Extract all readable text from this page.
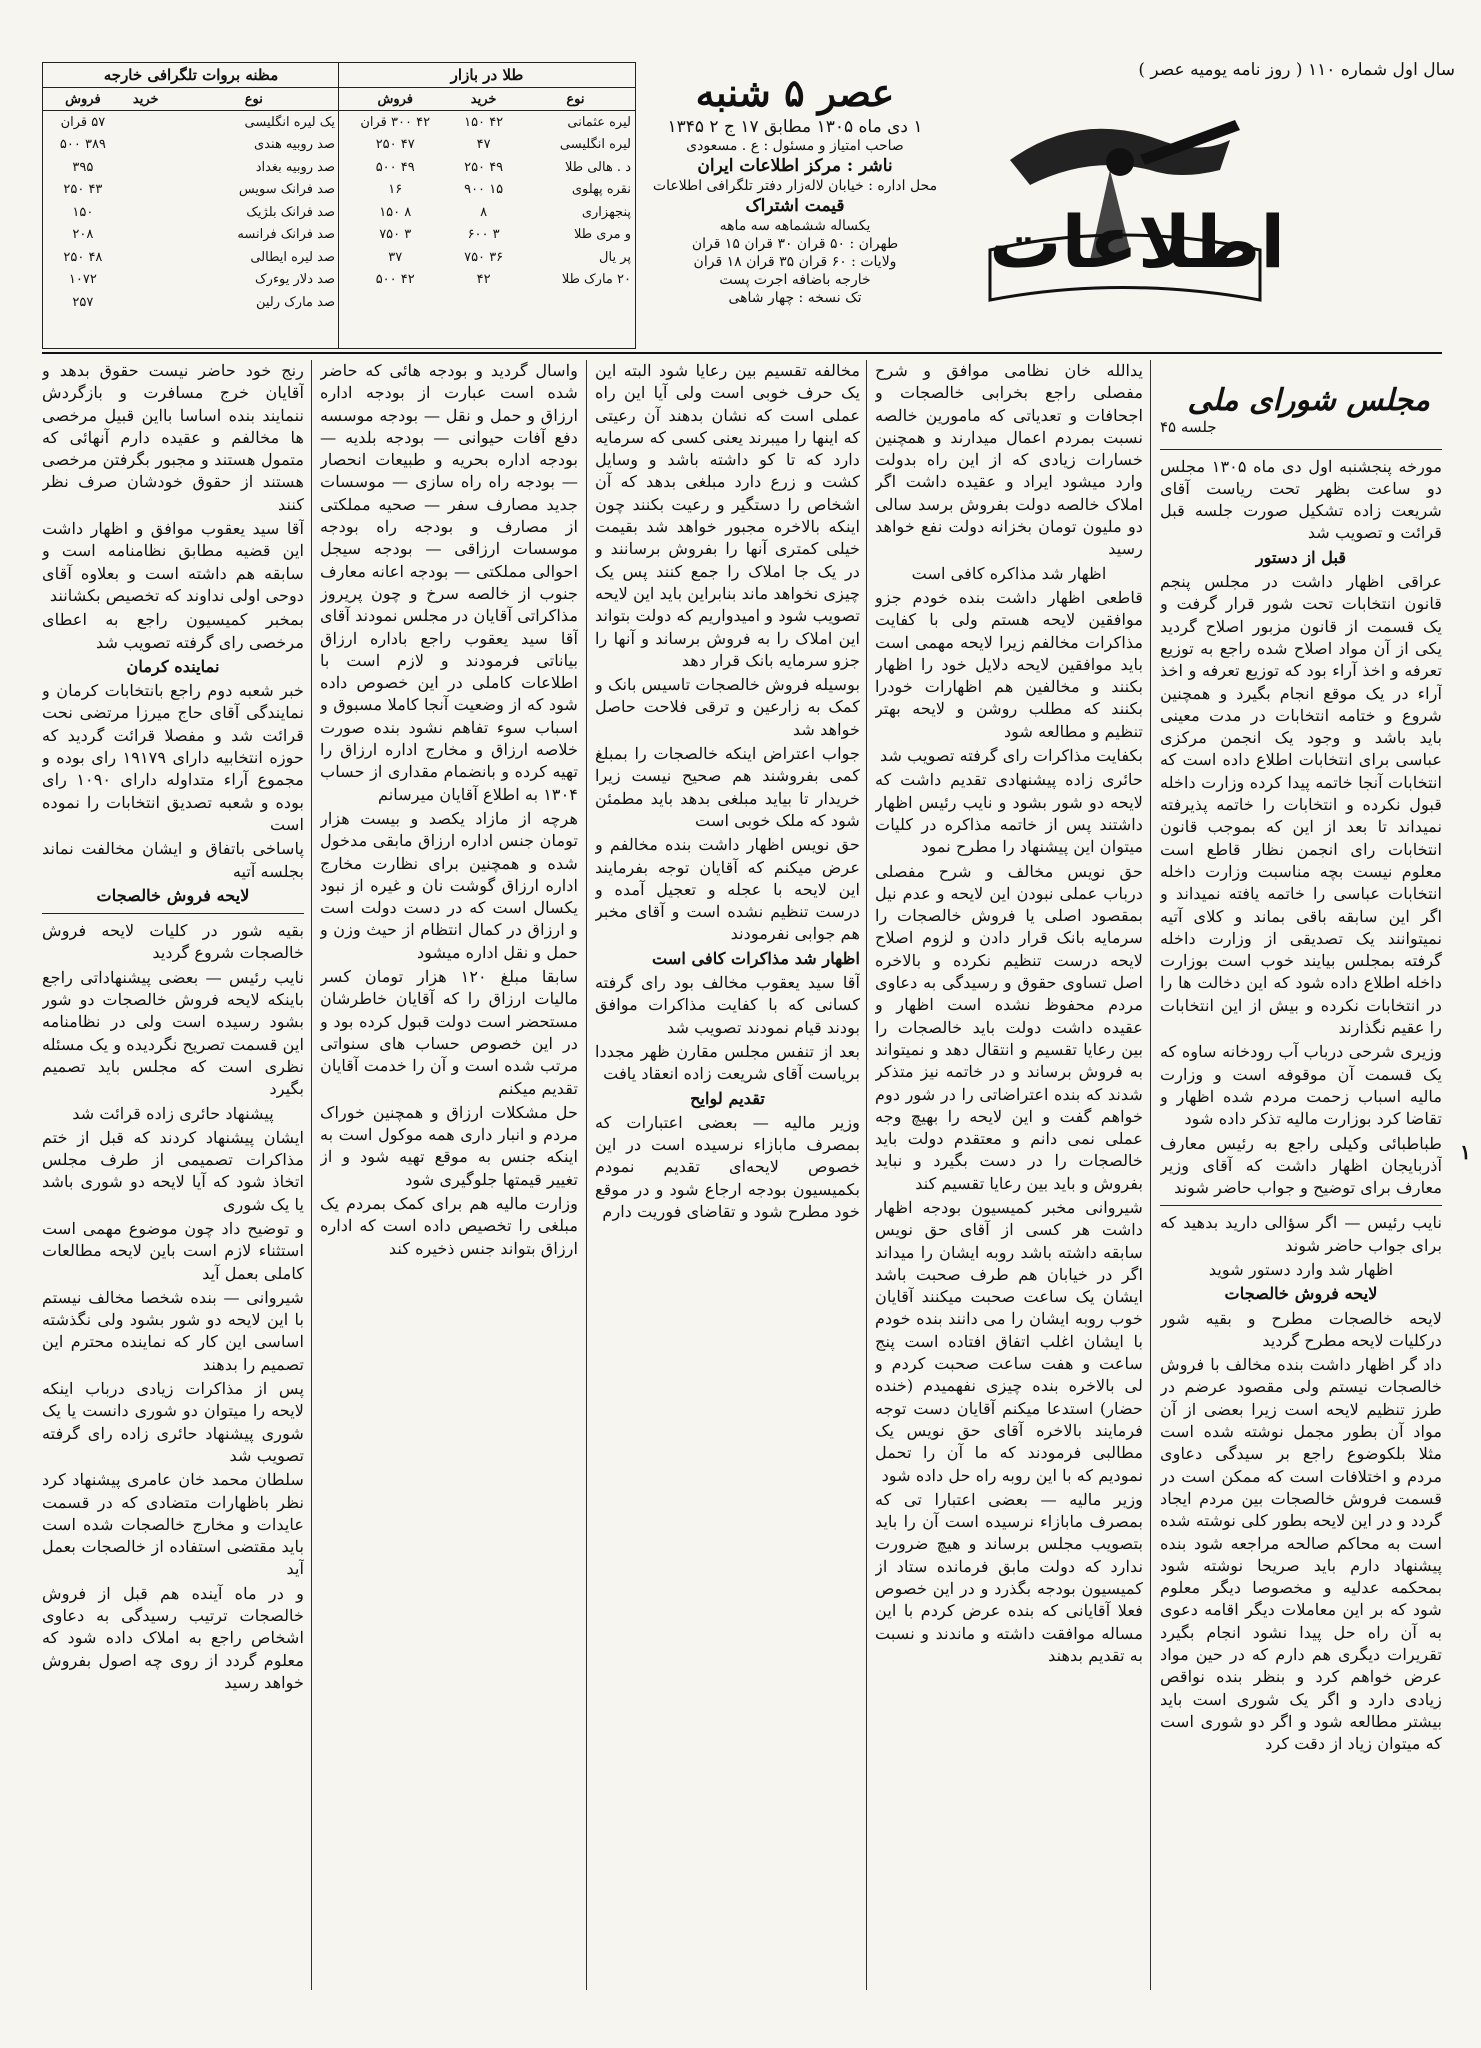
سال اول شماره ۱۱۰ ( روز نامه یومیه عصر )
اطلاعات
۱
عصر ۵ شنبه
۱ دی ماه ۱۳۰۵ مطابق ۱۷ ج ۲ ۱۳۴۵
صاحب امتیاز و مسئول : ع . مسعودی
ناشر : مرکز اطلاعات ایران
محل اداره : خیابان لاله‌زار دفتر تلگرافی اطلاعات
قیمت اشتراک
یکساله ششماهه سه ماهه
طهران : ۵۰ قران ۳۰ قران ۱۵ قران
ولایات : ۶۰ قران ۳۵ قران ۱۸ قران
خارجه باضافه اجرت پست
تک نسخه : چهار شاهی
طلا در بازار
نوع	خرید	فروش
لیره عثمانی	۴۲ ۱۵۰	۴۲ ۳۰۰ قران
لیره انگلیسی	۴۷	۴۷ ۲۵۰
د . هالی طلا	۴۹ ۲۵۰	۴۹ ۵۰۰
نقره پهلوی	۱۵ ۹۰۰	۱۶
پنجهزاری	۸	۸ ۱۵۰
و مری طلا	۳ ۶۰۰	۳ ۷۵۰
پر یال	۳۶ ۷۵۰	۳۷
۲۰ مارک طلا	۴۲	۴۲ ۵۰۰
مظنه بروات تلگرافی خارجه
نوع	خرید	فروش
یک لیره انگلیسی		۵۷ قران
صد روبیه هندی		۳۸۹ ۵۰۰
صد روبیه بغداد		۳۹۵
صد فرانک سویس		۴۳ ۲۵۰
صد فرانک بلژیک		۱۵۰
صد فرانک فرانسه		۲۰۸
صد لیره ایطالی		۴۸ ۲۵۰
صد دلار یوءرک		۱۰۷۲
صد مارک رلین		۲۵۷
مجلس شورای ملی
جلسه ۴۵

مورخه پنجشنبه اول دی ماه ۱۳۰۵ مجلس دو ساعت بظهر تحت ریاست آقای شریعت زاده تشکیل صورت جلسه قبل قرائت و تصویب شد

قبل از دستور

عراقی اظهار داشت در مجلس پنجم قانون انتخابات تحت شور قرار گرفت و یک قسمت از قانون مزبور اصلاح گردید یکی از آن مواد اصلاح شده راجع به توزیع تعرفه و اخذ آراء بود که توزیع تعرفه و اخذ آراء در یک موقع انجام بگیرد و همچنین شروع و ختامه انتخابات در مدت معینی باید باشد و وجود یک انجمن مرکزی عباسی برای انتخابات اطلاع داده است که انتخابات آنجا خاتمه پیدا کرده وزارت داخله قبول نکرده و انتخابات را خاتمه پذیرفته نمیداند تا بعد از این که بموجب قانون انتخابات رای انجمن نظار قاطع است معلوم نیست بچه مناسبت وزارت داخله انتخابات عباسی را خاتمه یافته نمیداند و اگر این سابقه باقی بماند و کلای آتیه نمیتوانند یک تصدیقی از وزارت داخله گرفته بمجلس بیایند خوب است بوزارت داخله اطلاع داده شود که این دخالت ها را در انتخابات نکرده و بیش از این انتخابات را عقیم نگذارند

وزیری شرحی درباب آب رودخانه ساوه که یک قسمت آن موقوفه است و وزارت مالیه اسباب زحمت مردم شده اظهار و تقاضا کرد بوزارت مالیه تذکر داده شود

طباطبائی وکیلی راجع به رئیس معارف آذربایجان اظهار داشت که آقای وزیر معارف برای توضیح و جواب حاضر شوند

نایب رئیس — اگر سؤالی دارید بدهید که برای جواب حاضر شوند

اظهار شد وارد دستور شوید

لایحه فروش خالصجات

لایحه خالصجات مطرح و بقیه شور درکلیات لایحه مطرح گردید

داد گر اظهار داشت بنده مخالف با فروش خالصجات نیستم ولی مقصود عرضم در طرز تنظیم لایحه است زیرا بعضی از آن مواد آن بطور مجمل نوشته شده است مثلا بلکوضوع راجع بر سیدگی دعاوی مردم و اختلافات است که ممکن است در قسمت فروش خالصجات بین مردم ایجاد گردد و در این لایحه بطور کلی نوشته شده است به محاکم صالحه مراجعه شود بنده پیشنهاد دارم باید صریحا نوشته شود بمحکمه عدلیه و مخصوصا دیگر معلوم شود که بر این معاملات دیگر اقامه دعوی به آن راه حل پیدا نشود انجام بگیرد تقریرات دیگری هم دارم که در حین مواد عرض خواهم کرد و بنظر بنده نواقص زیادی دارد و اگر یک شوری است باید بیشتر مطالعه شود و اگر دو شوری است که میتوان زیاد از دقت کرد

یدالله خان نظامی موافق و شرح مفصلی راجع بخرابی خالصجات و اجحافات و تعدیاتی که مامورین خالصه نسبت بمردم اعمال میدارند و همچنین خسارات زیادی که از این راه بدولت وارد میشود ایراد و عقیده داشت اگر املاک خالصه دولت بفروش برسد سالی دو ملیون تومان بخزانه دولت نفع خواهد رسید

اظهار شد مذاکره کافی است

قاطعی اظهار داشت بنده خودم جزو موافقین لایحه هستم ولی با کفایت مذاکرات مخالفم زیرا لایحه مهمی است باید موافقین لایحه دلایل خود را اظهار بکنند و مخالفین هم اظهارات خودرا بکنند که مطلب روشن و لایحه بهتر تنظیم و مطالعه شود

بکفایت مذاکرات رای گرفته تصویب شد

حائری زاده پیشنهادی تقدیم داشت که لایحه دو شور بشود و نایب رئیس اظهار داشتند پس از خاتمه مذاکره در کلیات میتوان این پیشنهاد را مطرح نمود

حق نویس مخالف و شرح مفصلی درباب عملی نبودن این لایحه و عدم نیل بمقصود اصلی یا فروش خالصجات را سرمایه بانک قرار دادن و لزوم اصلاح لایحه درست تنظیم نکرده و بالاخره اصل تساوی حقوق و رسیدگی به دعاوی مردم محفوظ نشده است اظهار و عقیده داشت دولت باید خالصجات را بین رعایا تقسیم و انتقال دهد و نمیتواند به فروش برساند و در خاتمه نیز متذکر شدند که بنده اعتراضاتی را در شور دوم خواهم گفت و این لایحه را بهیچ وجه عملی نمی دانم و معتقدم دولت باید خالصجات را در دست بگیرد و نباید بفروش و باید بین رعایا تقسیم کند

شیروانی مخبر کمیسیون بودجه اظهار داشت هر کسی از آقای حق نویس سابقه داشته باشد روبه ایشان را میداند اگر در خیابان هم طرف صحبت باشد ایشان یک ساعت صحبت میکنند آقایان خوب روبه ایشان را می دانند بنده خودم با ایشان اغلب اتفاق افتاده است پنج ساعت و هفت ساعت صحبت کردم و لی بالاخره بنده چیزی نفهمیدم (خنده حضار) استدعا میکنم آقایان دست توجه فرمایند بالاخره آقای حق نویس یک مطالبی فرمودند که ما آن را تحمل نمودیم که با این روبه راه حل داده شود

وزیر مالیه — بعضی اعتبارا تی که بمصرف مابازاء نرسیده است آن را باید بتصویب مجلس برساند و هیچ ضرورت ندارد که دولت مابق فرمانده ستاد از کمیسیون بودجه بگذرد و در این خصوص فعلا آقایانی که بنده عرض کردم با این مساله موافقت داشته و ماندند و نسبت به تقدیم بدهند

مخالفه تقسیم بین رعایا شود البته این یک حرف خوبی است ولی آیا این راه عملی است که نشان بدهند آن رعیتی که اینها را میبرند یعنی کسی که سرمایه دارد که تا کو داشته باشد و وسایل کشت و زرع دارد مبلغی بدهد که آن اشخاص را دستگیر و رعیت بکنند چون اینکه بالاخره مجبور خواهد شد بقیمت خیلی کمتری آنها را بفروش برسانند و در یک جا املاک را جمع کنند پس یک چیزی نخواهد ماند بنابراین باید این لایحه تصویب شود و امیدواریم که دولت بتواند این املاک را به فروش برساند و آنها را جزو سرمایه بانک قرار دهد

بوسیله فروش خالصجات تاسیس بانک و کمک به زارعین و ترقی فلاحت حاصل خواهد شد

جواب اعتراض اینکه خالصجات را بمبلغ کمی بفروشند هم صحیح نیست زیرا خریدار تا بیاید مبلغی بدهد باید مطمئن شود که ملک خوبی است

حق نویس اظهار داشت بنده مخالفم و عرض میکنم که آقایان توجه بفرمایند این لایحه با عجله و تعجیل آمده و درست تنظیم نشده است و آقای مخبر هم جوابی نفرمودند

اظهار شد مذاکرات کافی است

آقا سید یعقوب مخالف بود رای گرفته کسانی که با کفایت مذاکرات موافق بودند قیام نمودند تصویب شد

بعد از تنفس مجلس مقارن ظهر مجددا بریاست آقای شریعت زاده انعقاد یافت

تقدیم لوایح

وزیر مالیه — بعضی اعتبارات که بمصرف مابازاء نرسیده است در این خصوص لایحه‌ای تقدیم نمودم بکمیسیون بودجه ارجاع شود و در موقع خود مطرح شود و تقاضای فوریت دارم

واسال گردید و بودجه هائی که حاضر شده است عبارت از بودجه اداره ارزاق و حمل و نقل — بودجه موسسه دفع آفات حیوانی — بودجه بلدیه — بودجه اداره بحریه و طبیعات انحصار — بودجه راه راه سازی — موسسات جدید مصارف سفر — صحیه مملکتی از مصارف و بودجه راه بودجه موسسات ارزاقی — بودجه سیجل احوالی مملکتی — بودجه اعانه معارف جنوب از خالصه سرخ و چون پریروز مذاکراتی آقایان در مجلس نمودند آقای آقا سید یعقوب راجع باداره ارزاق بیاناتی فرمودند و لازم است با اطلاعات کاملی در این خصوص داده شود که از وضعیت آنجا کاملا مسبوق و اسباب سوء تفاهم نشود بنده صورت خلاصه ارزاق و مخارج اداره ارزاق را تهیه کرده و بانضمام مقداری از حساب ۱۳۰۴ به اطلاع آقایان میرسانم

هرچه از مازاد یکصد و بیست هزار تومان جنس اداره ارزاق مابقی مدخول شده و همچنین برای نظارت مخارج اداره ارزاق گوشت نان و غیره از نبود یکسال است که در دست دولت است و ارزاق در کمال انتظام از حیث وزن و حمل و نقل اداره میشود

سابقا مبلغ ۱۲۰ هزار تومان کسر مالیات ارزاق را که آقایان خاطرشان مستحضر است دولت قبول کرده بود و در این خصوص حساب های سنواتی مرتب شده است و آن را خدمت آقایان تقدیم میکنم

حل مشکلات ارزاق و همچنین خوراک مردم و انبار داری همه موکول است به اینکه جنس به موقع تهیه شود و از تغییر قیمتها جلوگیری شود

وزارت مالیه هم برای کمک بمردم یک مبلغی را تخصیص داده است که اداره ارزاق بتواند جنس ذخیره کند

رنج خود حاضر نیست حقوق بدهد و آقایان خرج مسافرت و بازگردش ننمایند بنده اساسا بااین قبیل مرخصی ها مخالفم و عقیده دارم آنهائی که متمول هستند و مجبور بگرفتن مرخصی هستند از حقوق خودشان صرف نظر کنند

آقا سید یعقوب موافق و اظهار داشت این قضیه مطابق نظامنامه است و سابقه هم داشته است و بعلاوه آقای دوحی اولی نداوند که تخصیص بکشانند

بمخبر کمیسیون راجع به اعطای مرخصی رای گرفته تصویب شد

نماینده کرمان

خبر شعبه دوم راجع بانتخابات کرمان و نمایندگی آقای حاج میرزا مرتضی نحت قرائت شد و مفصلا قرائت گردید که حوزه انتخابیه دارای ۱۹۱۷۹ رای بوده و مجموع آراء متداوله دارای ۱۰۹۰ رای بوده و شعبه تصدیق انتخابات را نموده است

پاساخی باتفاق و ایشان مخالفت نماند بجلسه آتیه

لایحه فروش خالصجات

بقیه شور در کلیات لایحه فروش خالصجات شروع گردید

نایب رئیس — بعضی پیشنهاداتی راجع باینکه لایحه فروش خالصجات دو شور بشود رسیده است ولی در نظامنامه این قسمت تصریح نگردیده و یک مسئله نظری است که مجلس باید تصمیم بگیرد

پیشنهاد حائری زاده قرائت شد

ایشان پیشنهاد کردند که قبل از ختم مذاکرات تصمیمی از طرف مجلس اتخاذ شود که آیا لایحه دو شوری باشد یا یک شوری

و توضیح داد چون موضوع مهمی است استثناء لازم است باین لایحه مطالعات کاملی بعمل آید

شیروانی — بنده شخصا مخالف نیستم با این لایحه دو شور بشود ولی نگذشته اساسی این کار که نماینده محترم این تصمیم را بدهند

پس از مذاکرات زیادی درباب اینکه لایحه را میتوان دو شوری دانست یا یک شوری پیشنهاد حائری زاده رای گرفته تصویب شد

سلطان محمد خان عامری پیشنهاد کرد نظر باظهارات متضادی که در قسمت عایدات و مخارج خالصجات شده است باید مقتضی استفاده از خالصجات بعمل آید

و در ماه آینده هم قبل از فروش خالصجات ترتیب رسیدگی به دعاوی اشخاص راجع به املاک داده شود که معلوم گردد از روی چه اصول بفروش خواهد رسید
